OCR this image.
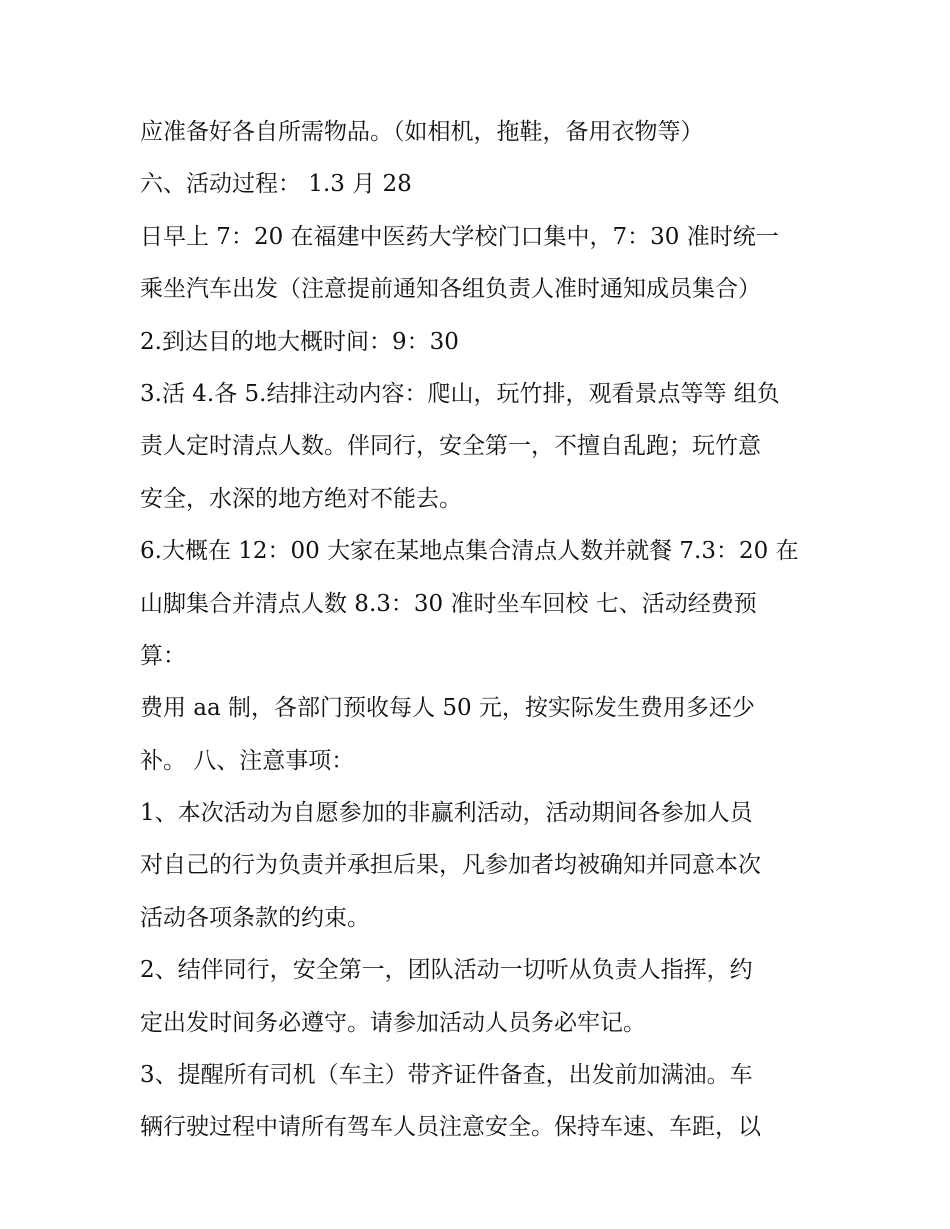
应准备好各自所需物品。（如相机，拖鞋，备用衣物等）

六、活动过程： 1.3 月 28

日早上 7：20 在福建中医药大学校门口集中，7：30 准时统一

乘坐汽车出发（注意提前通知各组负责人准时通知成员集合）

2.到达目的地大概时间：9：30

3.活 4.各 5.结排注动内容：爬山，玩竹排，观看景点等等 组负

责人定时清点人数。伴同行，安全第一，不擅自乱跑；玩竹意

安全，水深的地方绝对不能去。

6.大概在 12：00 大家在某地点集合清点人数并就餐 7.3：20 在

山脚集合并清点人数 8.3：30 准时坐车回校 七、活动经费预

算：

费用 aa 制，各部门预收每人 50 元，按实际发生费用多还少

补。 八、注意事项：

1、本次活动为自愿参加的非赢利活动，活动期间各参加人员

对自己的行为负责并承担后果，凡参加者均被确知并同意本次

活动各项条款的约束。

2、结伴同行，安全第一，团队活动一切听从负责人指挥，约

定出发时间务必遵守。请参加活动人员务必牢记。

3、提醒所有司机（车主）带齐证件备查，出发前加满油。车

辆行驶过程中请所有驾车人员注意安全。保持车速、车距，以
